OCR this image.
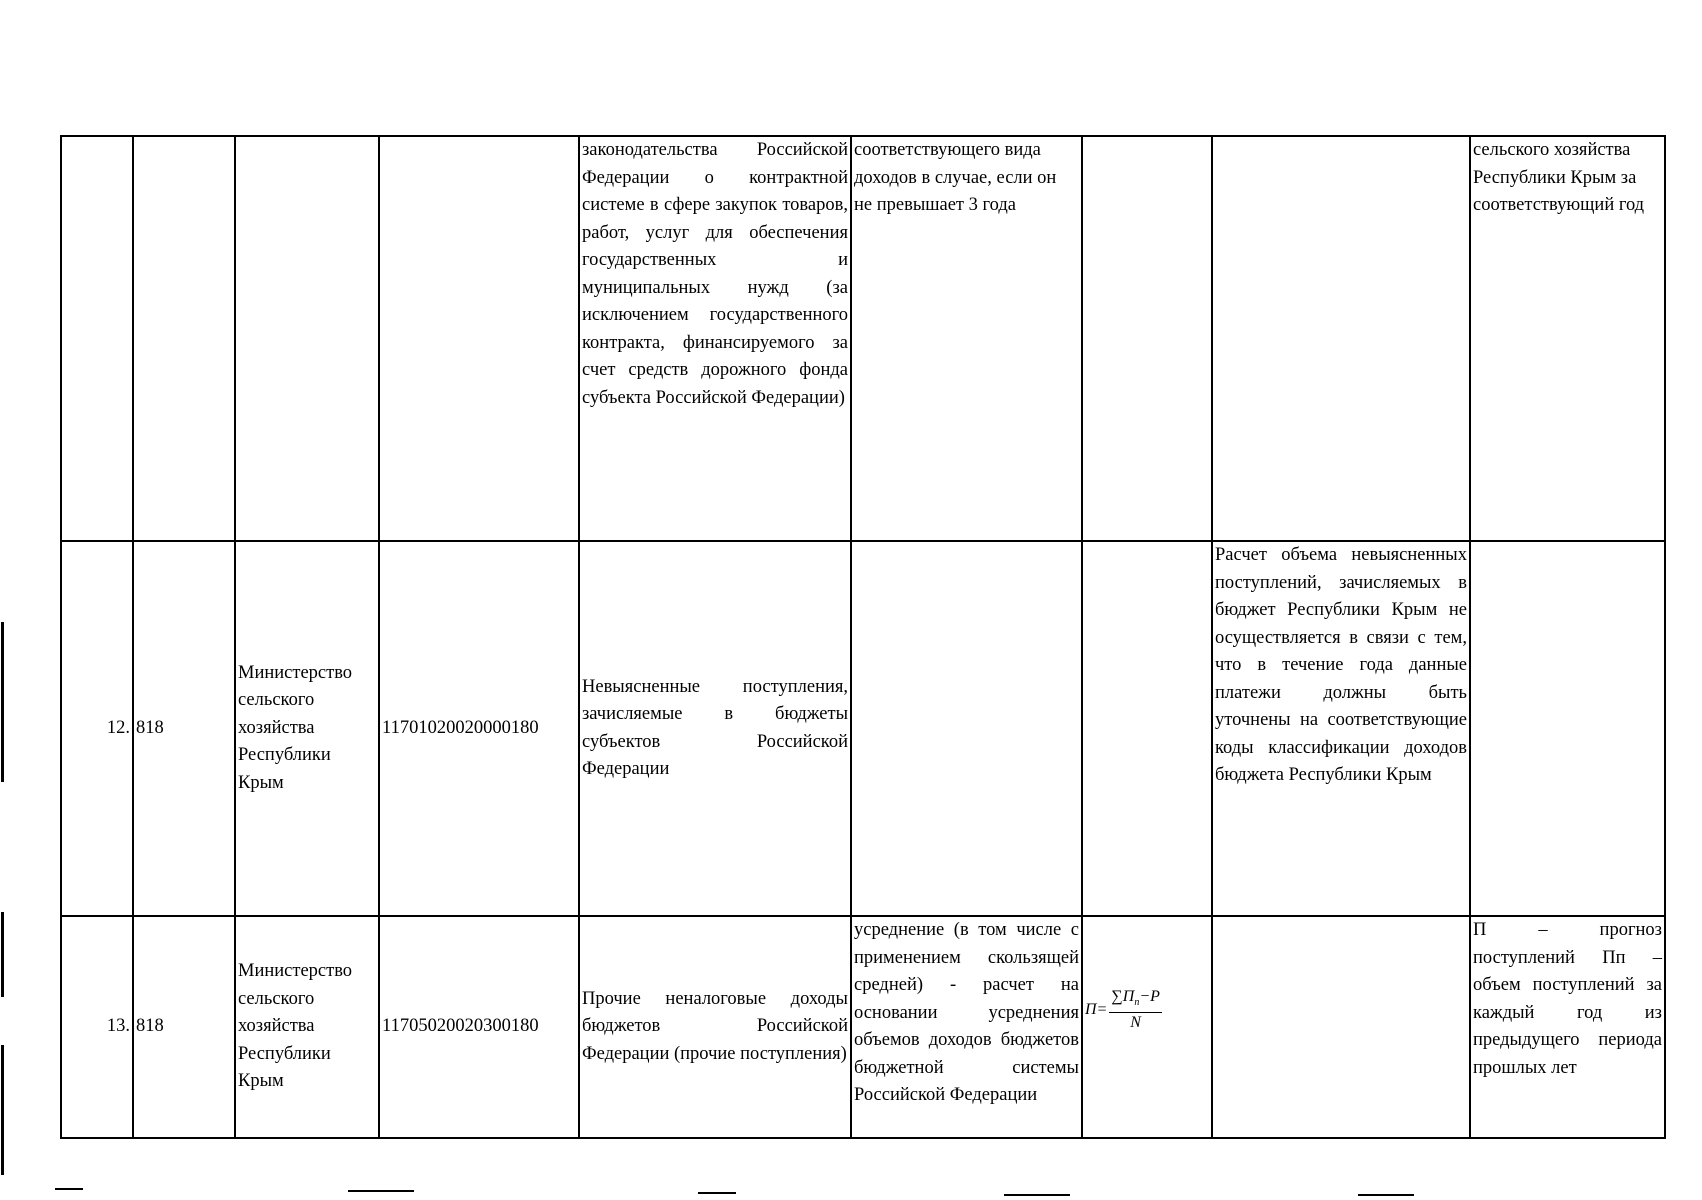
				законодательства Российской Федерации о контрактной системе в сфере закупок товаров, работ, услуг для обеспечения государственных и муниципальных нужд (за исключением государственного контракта, финансируемого за счет средств дорожного фонда субъекта Российской Федерации)	соответствующего вида доходов в случае, если он не превышает 3 года			сельского хозяйства Республики Крым за соответствующий год
12.	818	Министерство сельского хозяйства Республики Крым	11701020020000180	Невыясненные поступления, зачисляемые в бюджеты субъектов Российской Федерации			Расчет объема невыясненных поступлений, зачисляемых в бюджет Республики Крым не осуществляется в связи с тем, что в течение года данные платежи должны быть уточнены на соответствующие коды классификации доходов бюджета Республики Крым	
13.	818	Министерство сельского хозяйства Республики Крым	11705020020300180	Прочие неналоговые доходы бюджетов Российской Федерации (прочие поступления)	усреднение (в том числе с применением скользящей средней) - расчет на основании усреднения объемов доходов бюджетов бюджетной системы Российской Федерации	$П= \frac{\sum П_n-P}{N}$		П – прогноз поступлений Пп – объем поступлений за каждый год из предыдущего периода прошлых лет
